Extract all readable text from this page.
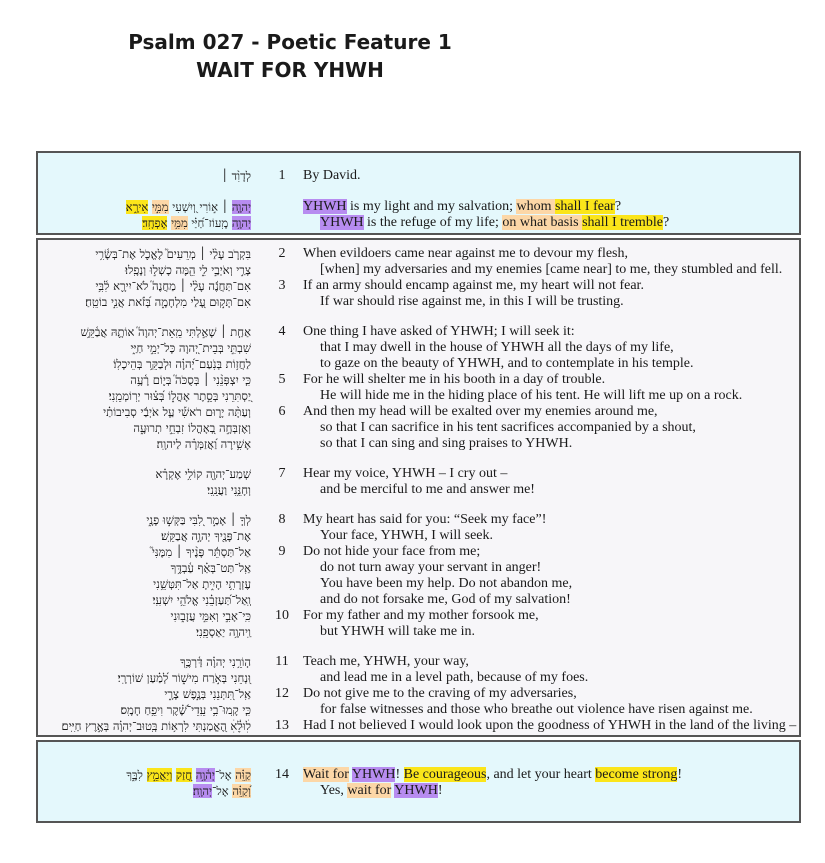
Psalm 027 - Poetic Feature 1
WAIT FOR YHWH
לְדָוִ֨ד ׀	1	By David.
יְהוָ֤ה ׀ א֣וֹרִי וְ֭יִשְׁעִי מִמִּ֣י אִירָ֑א	YHWH is my light and my salvation; whom shall I fear?
יְהוָ֥ה מָֽעוֹז־חַ֝יַּ֗י מִמִּ֥י אֶפְחָֽד׃	YHWH is the refuge of my life; on what basis shall I tremble?
בִּקְרֹ֤ב עָלַ֨י ׀ מְרֵעִים֮ לֶאֱכֹ֪ל אֶת־בְּשָׂ֫רִ֥י	2	When evildoers came near against me to devour my flesh,
צָרַ֣י וְאֹיְבַ֣י לִ֑י הֵ֖מָּה כָשְׁל֣וּ וְנָפָֽלוּ׃	[when] my adversaries and my enemies [came near] to me, they stumbled and fell.
אִם־תַּחֲנֶ֬ה עָלַ֨י ׀ מַחֲנֶה֮ לֹא־יִירָ֪א לִ֫בִּ֥י	3	If an army should encamp against me, my heart will not fear.
אִם־תָּק֣וּם עָ֭לַי מִלְחָמָ֑ה בְּ֝זֹ֗את אֲנִ֣י בוֹטֵֽחַ׃	If war should rise against me, in this I will be trusting.
אַחַ֤ת ׀ שָׁאַ֣לְתִּי מֵֽאֵת־יְהוָה֮ אוֹתָ֪הּ אֲבַ֫קֵּ֥שׁ	4	One thing I have asked of YHWH; I will seek it:
שִׁבְתִּ֣י בְּבֵית־יְ֭הוָה כָּל־יְמֵ֣י חַיַּ֑י	that I may dwell in the house of YHWH all the days of my life,
לַחֲז֥וֹת בְּנֹֽעַם־יְ֝הוָ֗ה וּלְבַקֵּ֥ר בְּהֵיכָלֽוֹ׃	to gaze on the beauty of YHWH, and to contemplate in his temple.
כִּ֤י יִצְפְּנֵ֨נִי ׀ בְּסֻכֹּה֮ בְּי֪וֹם רָ֫עָ֥ה	5	For he will shelter me in his booth in a day of trouble.
יַ֭סְתִּרֵנִי בְּסֵ֣תֶר אָהֳל֑וֹ בְּ֝צ֗וּר יְרֽוֹמְמֵֽנִי׃	He will hide me in the hiding place of his tent. He will lift me up on a rock.
וְעַתָּ֨ה יָר֪וּם רֹאשִׁ֡י עַ֤ל אֹיְבַ֬י סְבִיבוֹתַ֗י	6	And then my head will be exalted over my enemies around me,
וְאֶזְבְּחָ֣ה בְ֭אָהֳלוֹ זִבְחֵ֣י תְרוּעָ֑ה	so that I can sacrifice in his tent sacrifices accompanied by a shout,
אָשִׁ֥ירָה וַ֝אֲזַמְּרָ֗ה לַיהוָֽה׃	so that I can sing and sing praises to YHWH.
שְׁמַע־יְהוָ֖ה קוֹלִ֥י אֶקְרָ֗א	7	Hear my voice, YHWH – I cry out –
וְחָנֵּ֥נִי וַעֲנֵֽנִי׃	and be merciful to me and answer me!
לְךָ֤ ׀ אָמַ֣ר לִ֭בִּי בַּקְּשׁ֣וּ פָנָ֑י	8	My heart has said for you: “Seek my face”!
אֶת־פָּנֶ֖יךָ יְהוָ֣ה אֲבַקֵּֽשׁ׃	Your face, YHWH, I will seek.
אַל־תַּסְתֵּ֬ר פָּנֶ֨יךָ ׀ מִמֶּנִּי֮	9	Do not hide your face from me;
אַֽל־תַּט־בְּאַ֗ף עַ֫בְדֶּ֥ךָ	do not turn away your servant in anger!
עֶזְרָתִ֥י הָיִ֑יתָ אַל־תִּטְּשֵׁ֥נִי	You have been my help. Do not abandon me,
וְֽאַל־תַּ֝עַזְבֵ֗נִי אֱלֹהֵ֥י יִשְׁעִֽי׃	and do not forsake me, God of my salvation!
כִּֽי־אָבִ֣י וְאִמִּ֣י עֲזָב֑וּנִי	10	For my father and my mother forsook me,
וַֽיהוָ֥ה יַאַסְפֵֽנִי׃	but YHWH will take me in.
ה֤וֹרֵ֥נִי יְהוָ֗ה דַּ֫רְכֶּ֥ךָ	11	Teach me, YHWH, your way,
וּ֭נְחֵנִי בְּאֹ֣רַח מִישׁ֑וֹר לְ֝מַ֗עַן שׁוֹרְרָֽי׃	and lead me in a level path, because of my foes.
אַֽל־תִּ֭תְּנֵנִי בְּנֶ֣פֶשׁ צָרָ֑י	12	Do not give me to the craving of my adversaries,
כִּ֤י קָֽמוּ־בִ֥י עֵֽדֵי־שֶׁ֝֗קֶר וִיפֵ֥חַ חָמָֽס׃	for false witnesses and those who breathe out violence have risen against me.
לׅׄוּלֵׅׄ֗אׅׄ הֶ֭אֱמַנְתִּי לִרְא֥וֹת בְּֽטוּב־יְהוָ֗ה בְּאֶ֣רֶץ חַיִּֽים׃	13	Had I not believed I would look upon the goodness of YHWH in the land of the living –
קַוֵּ֗ה אֶל־יְה֫וָ֥ה חֲ֭זַק וְיַאֲמֵ֣ץ לִבֶּ֑ךָ	14	Wait for YHWH! Be courageous, and let your heart become strong!
וְ֝קַוֵּ֗ה אֶל־יְהוָֽה׃	Yes, wait for YHWH!
